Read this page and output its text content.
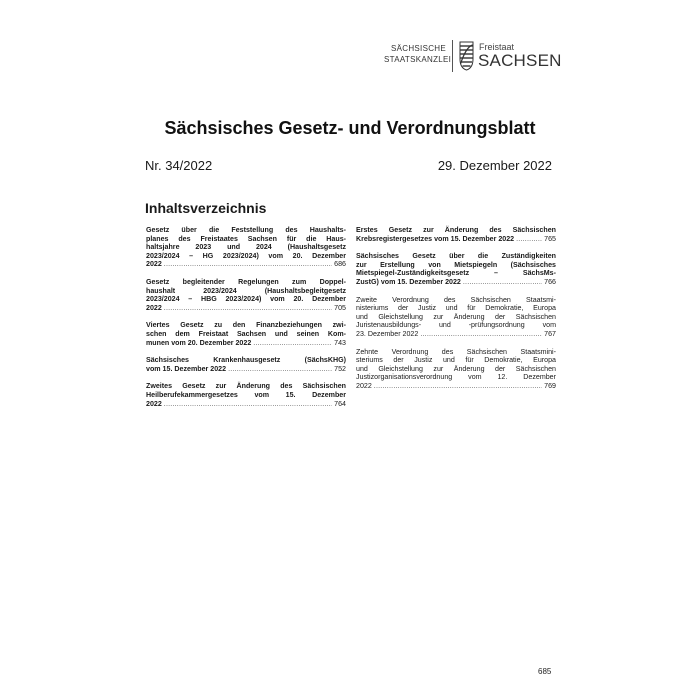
SÄCHSISCHE
STAATSKANZLEI
Freistaat
SACHSEN
Sächsisches Gesetz- und Verordnungsblatt
Nr. 34/2022	29. Dezember 2022
Inhaltsverzeichnis
Gesetz über die Feststellung des Haushalts-
planes des Freistaates Sachsen für die Haus-
haltsjahre 2023 und 2024 (Haushaltsgesetz
2023/2024 – HG 2023/2024) vom 20. Dezember
2022 .....	686
Gesetz begleitender Regelungen zum Doppel-
haushalt 2023/2024 (Haushaltsbegleitgesetz
2023/2024 – HBG 2023/2024) vom 20. Dezember
2022 .....	705
Viertes Gesetz zu den Finanzbeziehungen zwi-
schen dem Freistaat Sachsen und seinen Kom-
munen vom 20. Dezember 2022 .....	743
Sächsisches Krankenhausgesetz (SächsKHG)
vom 15. Dezember 2022 .....	752
Zweites Gesetz zur Änderung des Sächsischen
Heilberufekammergesetzes vom 15. Dezember
2022 .....	764
Erstes Gesetz zur Änderung des Sächsischen
Krebsregistergesetzes vom 15. Dezember 2022 .....	765
Sächsisches Gesetz über die Zuständigkeiten
zur Erstellung von Mietspiegeln (Sächsisches
Mietspiegel-Zuständigkeitsgesetz – SächsMs-
ZustG) vom 15. Dezember 2022 .....	766
Zweite Verordnung des Sächsischen Staatsmi-
nisteriums der Justiz und für Demokratie, Europa
und Gleichstellung zur Änderung der Sächsischen
Juristenausbildungs- und -prüfungsordnung vom
23. Dezember 2022 .....	767
Zehnte Verordnung des Sächsischen Staatsmini-
steriums der Justiz und für Demokratie, Europa
und Gleichstellung zur Änderung der Sächsischen
Justizorganisationsverordnung vom 12. Dezember
2022 .....	769
685
